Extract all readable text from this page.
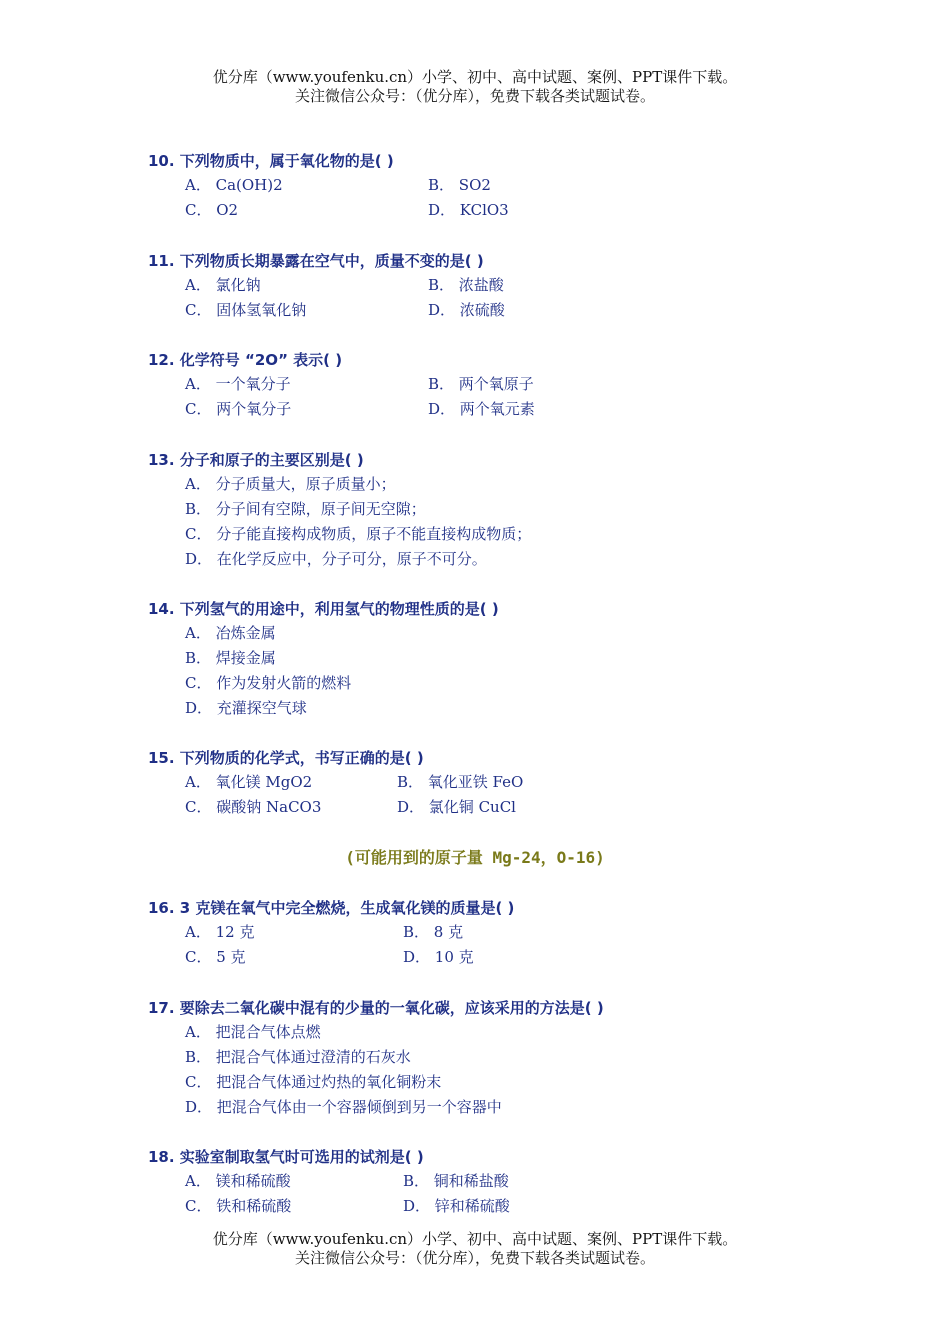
优分库（www.youfenku.cn）小学、初中、高中试题、案例、PPT课件下载。
关注微信公众号：（优分库），免费下载各类试题试卷。
10. 下列物质中，属于氧化物的是( )
A． Ca(OH)2	B． SO2
C． O2	D． KClO3
11. 下列物质长期暴露在空气中，质量不变的是( )
A． 氯化钠	B． 浓盐酸
C． 固体氢氧化钠	D． 浓硫酸
12. 化学符号 “2O” 表示( )
A． 一个氧分子	B． 两个氧原子
C． 两个氧分子	D． 两个氧元素
13. 分子和原子的主要区别是( )
A． 分子质量大，原子质量小；
B． 分子间有空隙，原子间无空隙；
C． 分子能直接构成物质，原子不能直接构成物质；
D． 在化学反应中，分子可分，原子不可分。
14. 下列氢气的用途中，利用氢气的物理性质的是( )
A． 冶炼金属
B． 焊接金属
C． 作为发射火箭的燃料
D． 充灌探空气球
15. 下列物质的化学式，书写正确的是( )
A． 氧化镁 MgO2	B． 氧化亚铁 FeO
C． 碳酸钠 NaCO3	D． 氯化铜 CuCl
(可能用到的原子量 Mg-24，O-16)
16. 3 克镁在氧气中完全燃烧，生成氧化镁的质量是( )
A． 12 克	B． 8 克
C． 5 克	D． 10 克
17. 要除去二氧化碳中混有的少量的一氧化碳，应该采用的方法是( )
A． 把混合气体点燃
B． 把混合气体通过澄清的石灰水
C． 把混合气体通过灼热的氧化铜粉末
D． 把混合气体由一个容器倾倒到另一个容器中
18. 实验室制取氢气时可选用的试剂是( )
A． 镁和稀硫酸	B． 铜和稀盐酸
C． 铁和稀硫酸	D． 锌和稀硫酸
优分库（www.youfenku.cn）小学、初中、高中试题、案例、PPT课件下载。
关注微信公众号：（优分库），免费下载各类试题试卷。
